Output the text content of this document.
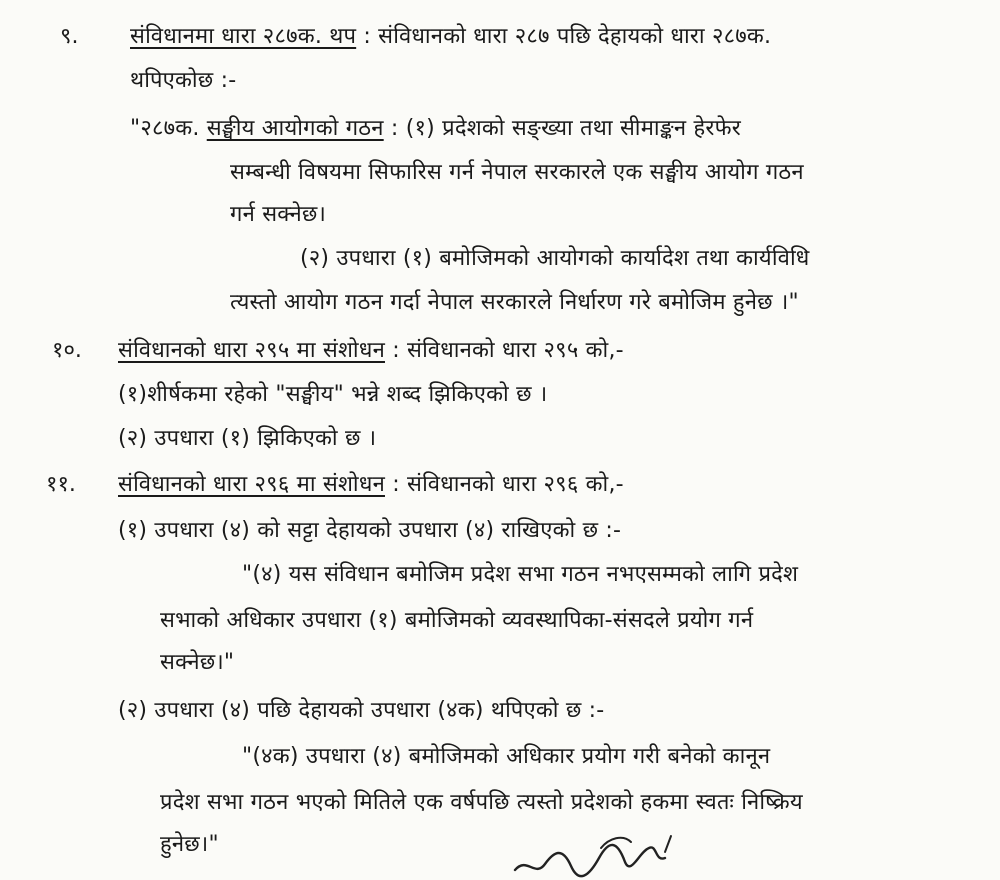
९. संविधानमा धारा २८७क. थप : संविधानको धारा २८७ पछि देहायको धारा २८७क.
थपिएकोछ :-
"२८७क. सङ्घीय आयोगको गठन : (१) प्रदेशको सङ्ख्या तथा सीमाङ्कन हेरफेर
सम्बन्धी विषयमा सिफारिस गर्न नेपाल सरकारले एक सङ्घीय आयोग गठन
गर्न सक्नेछ।
(२) उपधारा (१) बमोजिमको आयोगको कार्यादेश तथा कार्यविधि
त्यस्तो आयोग गठन गर्दा नेपाल सरकारले निर्धारण गरे बमोजिम हुनेछ ।"
१०. संविधानको धारा २९५ मा संशोधन : संविधानको धारा २९५ को,-
(१)शीर्षकमा रहेको "सङ्घीय" भन्ने शब्द झिकिएको छ ।
(२) उपधारा (१) झिकिएको छ ।
११. संविधानको धारा २९६ मा संशोधन : संविधानको धारा २९६ को,-
(१) उपधारा (४) को सट्टा देहायको उपधारा (४) राखिएको छ :-
"(४) यस संविधान बमोजिम प्रदेश सभा गठन नभएसम्मको लागि प्रदेश
सभाको अधिकार उपधारा (१) बमोजिमको व्यवस्थापिका-संसदले प्रयोग गर्न
सक्नेछ।"
(२) उपधारा (४) पछि देहायको उपधारा (४क) थपिएको छ :-
"(४क) उपधारा (४) बमोजिमको अधिकार प्रयोग गरी बनेको कानून
प्रदेश सभा गठन भएको मितिले एक वर्षपछि त्यस्तो प्रदेशको हकमा स्वतः निष्क्रिय
हुनेछ।"
